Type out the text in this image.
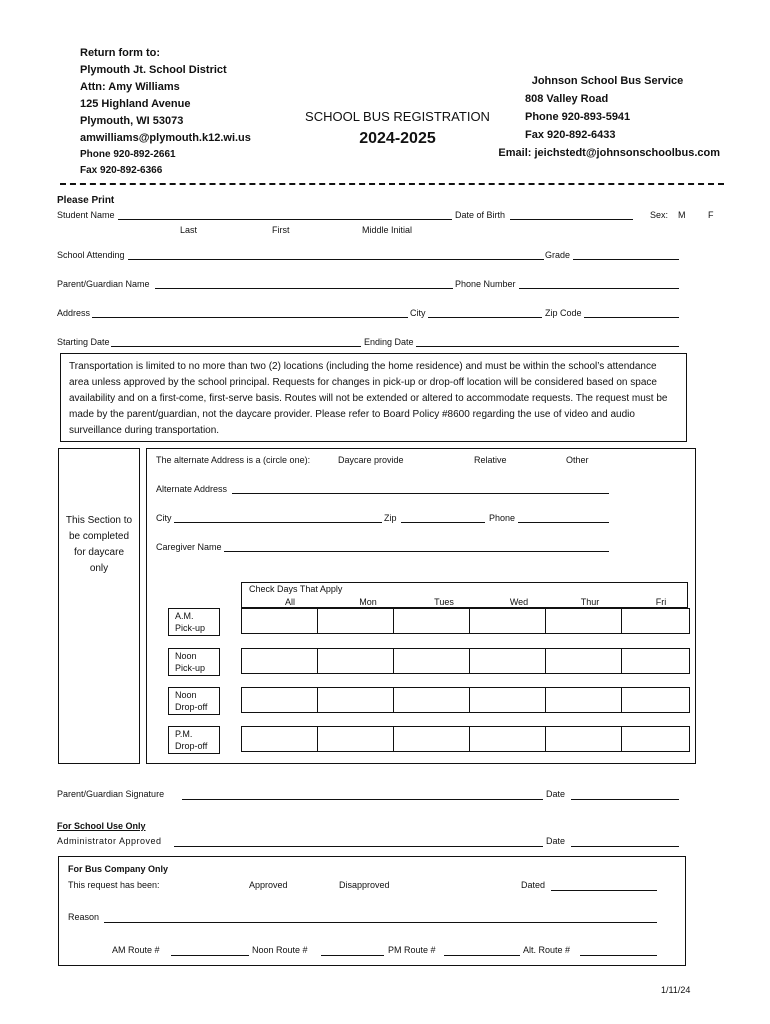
Return form to:
Plymouth Jt. School District
Attn: Amy Williams
125 Highland Avenue
Plymouth, WI 53073
amwilliams@plymouth.k12.wi.us
Phone 920-892-2661
Fax 920-892-6366
SCHOOL BUS REGISTRATION
2024-2025
Johnson School Bus Service
808 Valley Road
Phone 920-893-5941
Fax 920-892-6433
Email: jeichstedt@johnsonschoolbus.com
Please Print
Student Name	Date of Birth	Sex: M	F
Last	First	Middle Initial
School Attending	Grade
Parent/Guardian Name	Phone Number
Address	City	Zip Code
Starting Date	Ending Date
Transportation is limited to no more than two (2) locations (including the home residence) and must be within the school’s attendance area unless approved by the school principal. Requests for changes in pick-up or drop-off location will be considered based on space availability and on a first-come, first-serve basis. Routes will not be extended or altered to accommodate requests. The request must be made by the parent/guardian, not the daycare provider. Please refer to Board Policy #8600 regarding the use of video and audio surveillance during transportation.
This Section to be completed for daycare only
The alternate Address is a (circle one):	Daycare provide	Relative	Other
Alternate Address
City	Zip	Phone
Caregiver Name
Check Days That Apply
All	Mon	Tues	Wed	Thur	Fri
A.M.
Pick-up

Noon
Pick-up

Noon
Drop-off

P.M.
Drop-off

Parent/Guardian Signature	Date
For School Use Only
Administrator Approved	Date
For Bus Company Only
This request has been:	Approved	Disapproved	Dated
Reason
AM Route #	Noon Route #	PM Route #	Alt. Route #
1/11/24
